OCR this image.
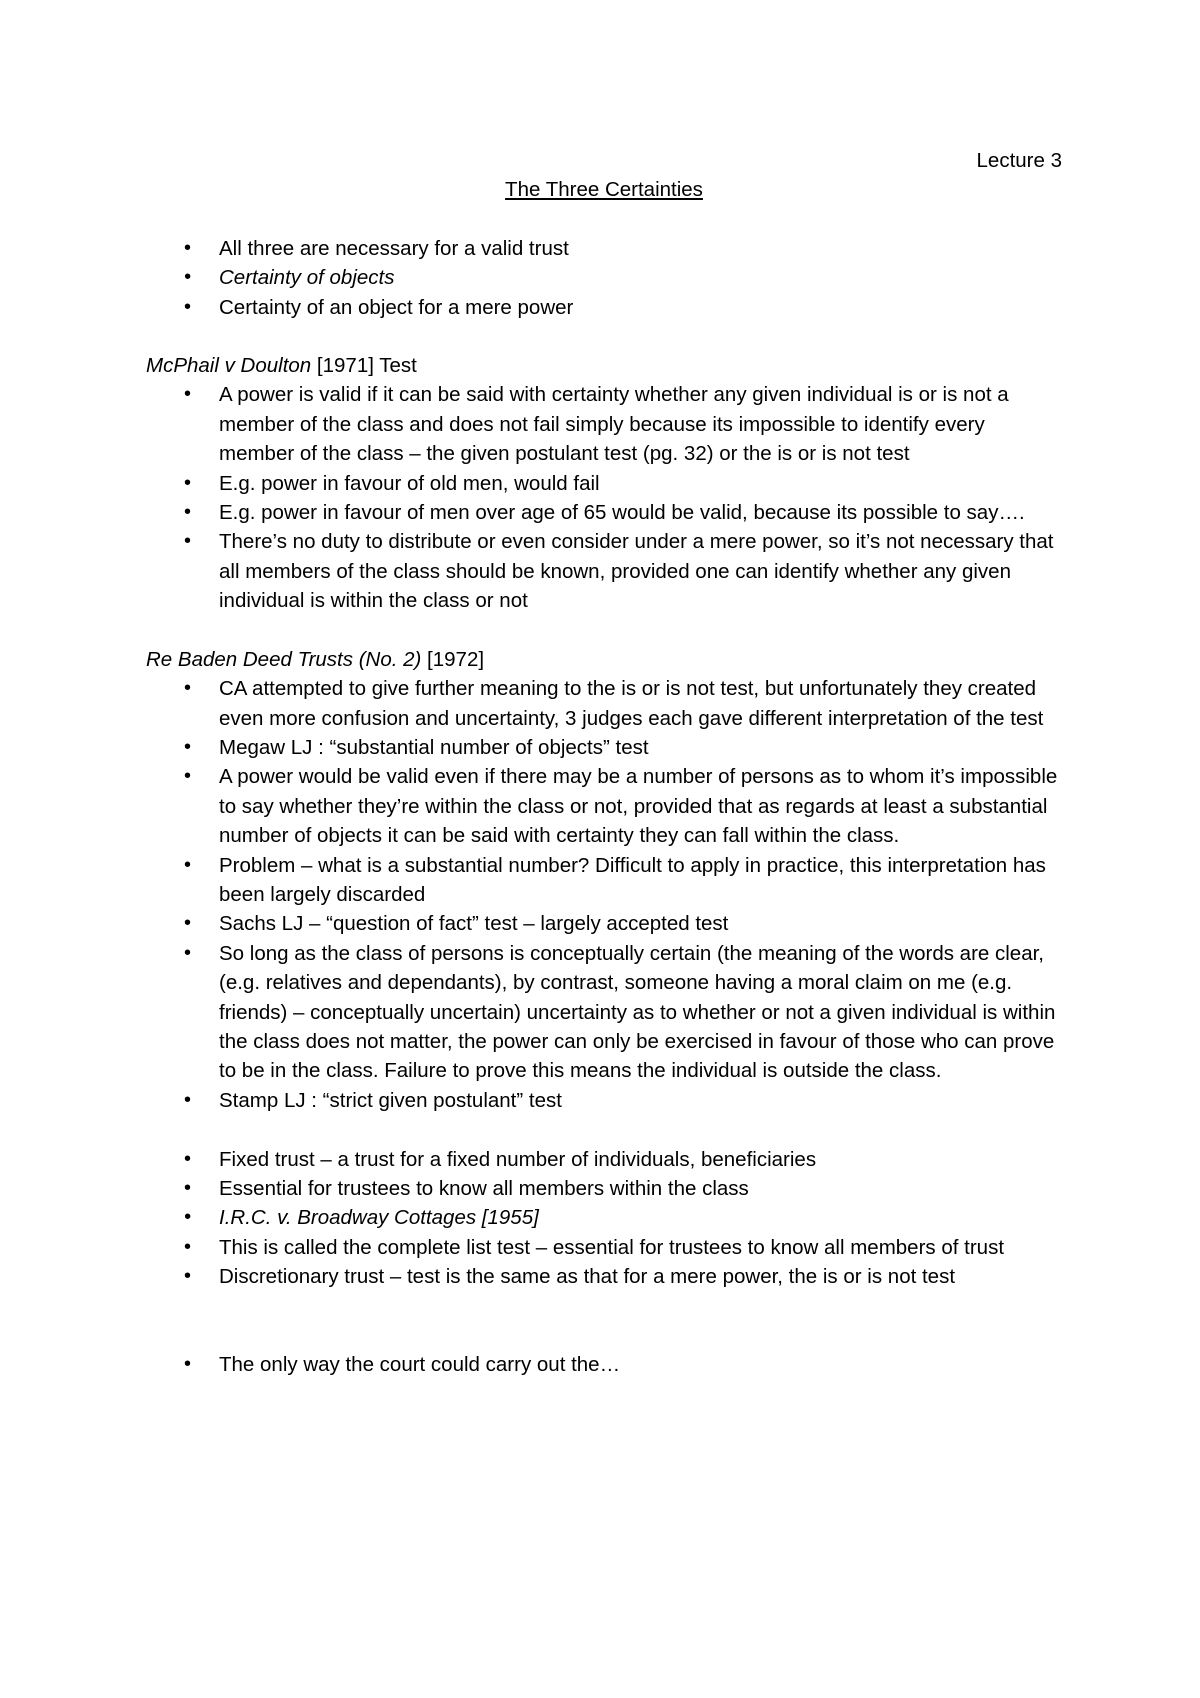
Lecture 3

The Three Certainties
• All three are necessary for a valid trust
• Certainty of objects
• Certainty of an object for a mere power

McPhail v Doulton [1971] Test

• A power is valid if it can be said with certainty whether any given individual is or is not a member of the class and does not fail simply because its impossible to identify every member of the class – the given postulant test (pg. 32) or the is or is not test
• E.g. power in favour of old men, would fail
• E.g. power in favour of men over age of 65 would be valid, because its possible to say….
• There’s no duty to distribute or even consider under a mere power, so it’s not necessary that all members of the class should be known, provided one can identify whether any given individual is within the class or not

Re Baden Deed Trusts (No. 2) [1972]

• CA attempted to give further meaning to the is or is not test, but unfortunately they created even more confusion and uncertainty, 3 judges each gave different interpretation of the test
• Megaw LJ : “substantial number of objects” test
• A power would be valid even if there may be a number of persons as to whom it’s impossible to say whether they’re within the class or not, provided that as regards at least a substantial number of objects it can be said with certainty they can fall within the class.
• Problem – what is a substantial number? Difficult to apply in practice, this interpretation has been largely discarded
• Sachs LJ – “question of fact” test – largely accepted test
• So long as the class of persons is conceptually certain (the meaning of the words are clear, (e.g. relatives and dependants), by contrast, someone having a moral claim on me (e.g. friends) – conceptually uncertain) uncertainty as to whether or not a given individual is within the class does not matter, the power can only be exercised in favour of those who can prove to be in the class. Failure to prove this means the individual is outside the class.
• Stamp LJ : “strict given postulant” test
• Fixed trust – a trust for a fixed number of individuals, beneficiaries
• Essential for trustees to know all members within the class
• I.R.C. v. Broadway Cottages [1955]
• This is called the complete list test – essential for trustees to know all members of trust
• Discretionary trust – test is the same as that for a mere power, the is or is not test
• The only way the court could carry out the…
